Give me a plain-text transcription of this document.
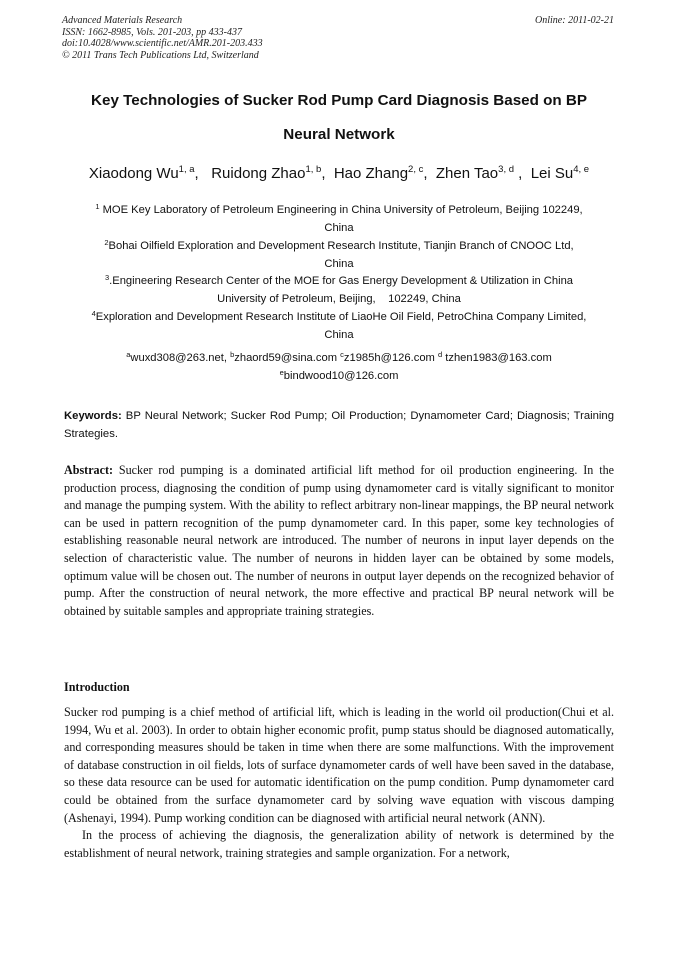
Advanced Materials Research
ISSN: 1662-8985, Vols. 201-203, pp 433-437
doi:10.4028/www.scientific.net/AMR.201-203.433
© 2011 Trans Tech Publications Ltd, Switzerland
Online: 2011-02-21
Key Technologies of Sucker Rod Pump Card Diagnosis Based on BP
Neural Network
Xiaodong Wu$^{1, a}$,   Ruidong Zhao$^{1, b}$,  Hao Zhang$^{2, c}$,  Zhen Tao$^{3, d}$ ,  Lei Su$^{4, e}$
$^1$ MOE Key Laboratory of Petroleum Engineering in China University of Petroleum, Beijing 102249,
China
$^2$Bohai Oilfield Exploration and Development Research Institute, Tianjin Branch of CNOOC Ltd,
China
$^3$.Engineering Research Center of the MOE for Gas Energy Development & Utilization in China
University of Petroleum, Beijing,    102249, China
$^4$Exploration and Development Research Institute of LiaoHe Oil Field, PetroChina Company Limited,
China
$^a$wuxd308@263.net, $^b$zhaord59@sina.com $^c$z1985h@126.com $^d$ tzhen1983@163.com
$^e$bindwood10@126.com
Keywords: BP Neural Network; Sucker Rod Pump; Oil Production; Dynamometer Card; Diagnosis; Training Strategies.
Abstract: Sucker rod pumping is a dominated artificial lift method for oil production engineering. In the production process, diagnosing the condition of pump using dynamometer card is vitally significant to monitor and manage the pumping system. With the ability to reflect arbitrary non-linear mappings, the BP neural network can be used in pattern recognition of the pump dynamometer card. In this paper, some key technologies of establishing reasonable neural network are introduced. The number of neurons in input layer depends on the selection of characteristic value. The number of neurons in hidden layer can be obtained by some models, optimum value will be chosen out. The number of neurons in output layer depends on the recognized behavior of pump. After the construction of neural network, the more effective and practical BP neural network will be obtained by suitable samples and appropriate training strategies.
Introduction
Sucker rod pumping is a chief method of artificial lift, which is leading in the world oil production(Chui et al. 1994, Wu et al. 2003). In order to obtain higher economic profit, pump status should be diagnosed automatically, and corresponding measures should be taken in time when there are some malfunctions. With the improvement of database construction in oil fields, lots of surface dynamometer cards of well have been saved in the database, so these data resource can be used for automatic identification on the pump condition. Pump dynamometer card could be obtained from the surface dynamometer card by solving wave equation with viscous damping (Ashenayi, 1994). Pump working condition can be diagnosed with artificial neural network (ANN).
In the process of achieving the diagnosis, the generalization ability of network is determined by the establishment of neural network, training strategies and sample organization. For a network,
